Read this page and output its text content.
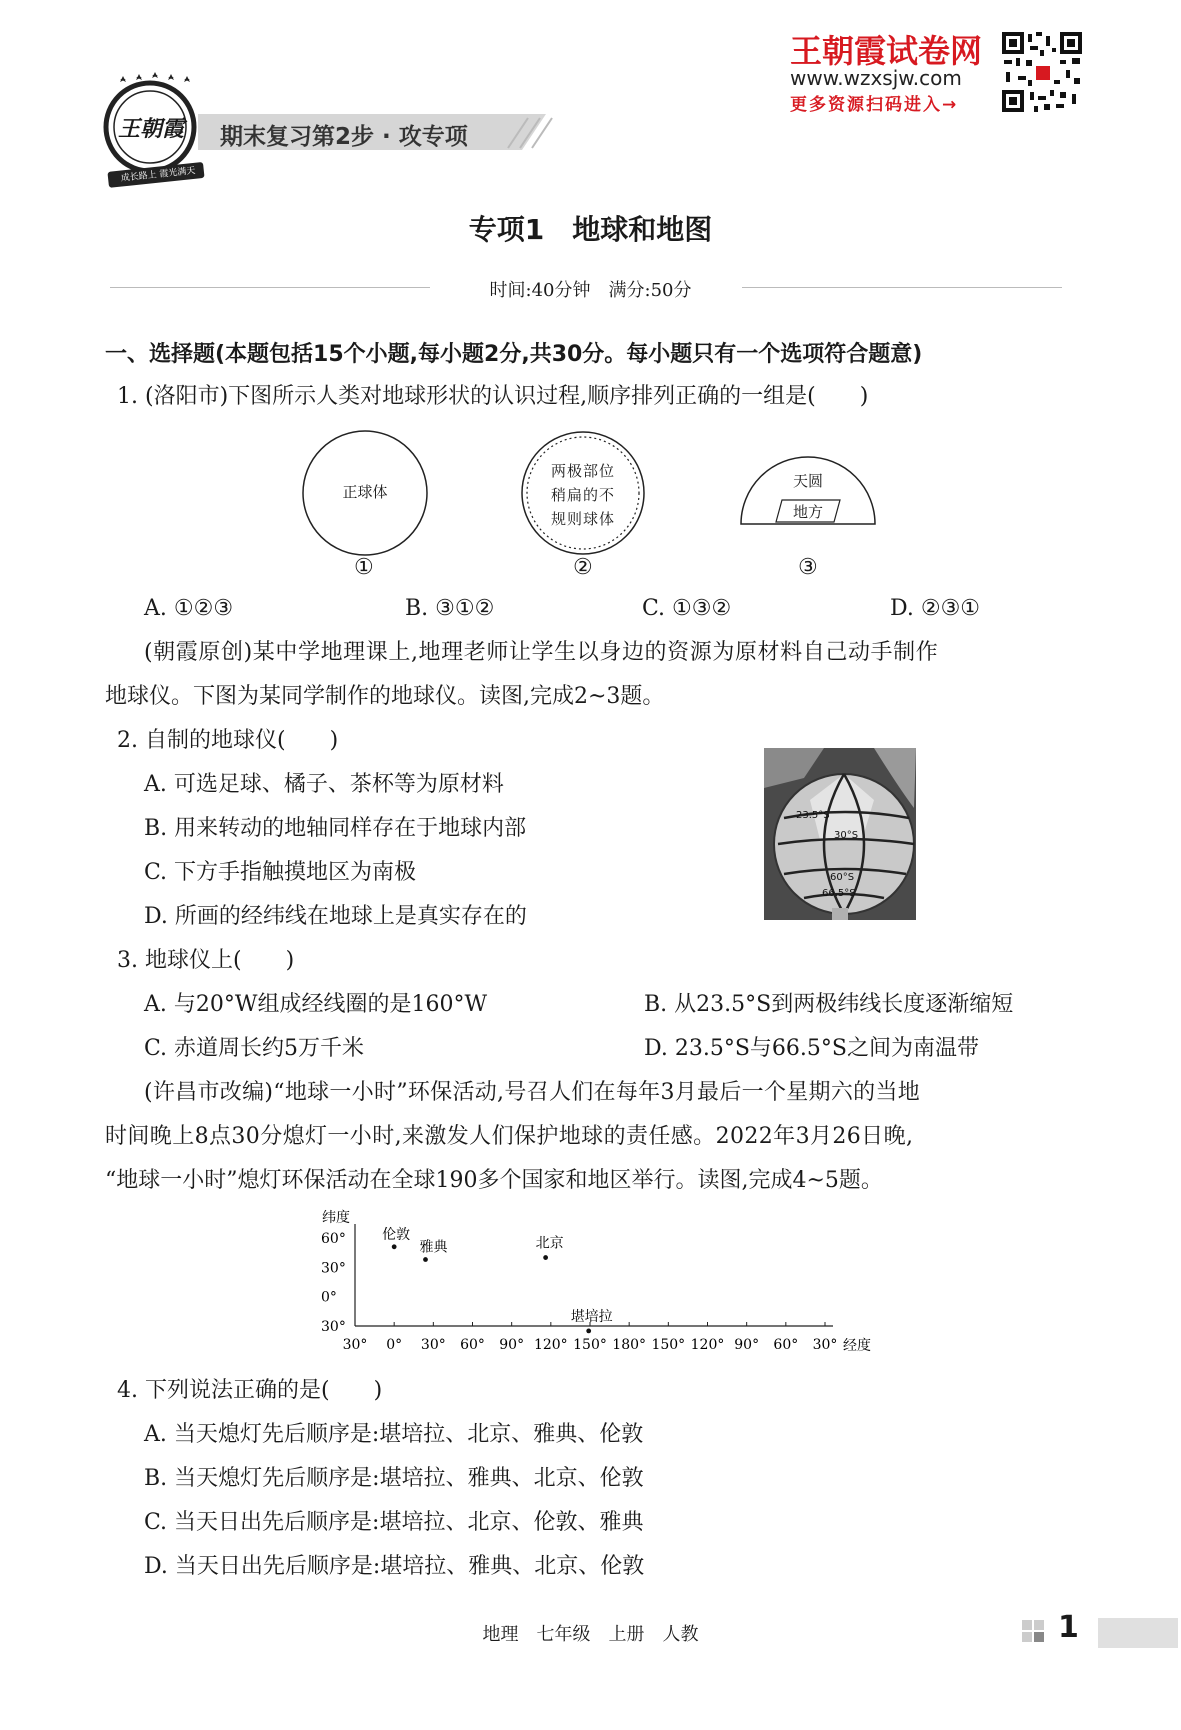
王朝霞
成长路上 霞光满天
期末复习第2步 · 攻专项
王朝霞试卷网
www.wzxsjw.com
更多资源扫码进入→
专项1　地球和地图
时间:40分钟　满分:50分
一、选择题(本题包括15个小题,每小题2分,共30分。每小题只有一个选项符合题意)
1. (洛阳市)下图所示人类对地球形状的认识过程,顺序排列正确的一组是(　　)
正球体
两极部位
稍扁的不
规则球体
天圆
地方
①	②	③
A. ①②③	B. ③①②	C. ①③②	D. ②③①
(朝霞原创)某中学地理课上,地理老师让学生以身边的资源为原材料自己动手制作
地球仪。下图为某同学制作的地球仪。读图,完成2~3题。
2. 自制的地球仪(　　)
A. 可选足球、橘子、茶杯等为原材料
B. 用来转动的地轴同样存在于地球内部
C. 下方手指触摸地区为南极
D. 所画的经纬线在地球上是真实存在的
23.5°S
30°S
60°S
66.5°S
3. 地球仪上(　　)
A. 与20°W组成经线圈的是160°W	B. 从23.5°S到两极纬线长度逐渐缩短
C. 赤道周长约5万千米	D. 23.5°S与66.5°S之间为南温带
(许昌市改编)“地球一小时”环保活动,号召人们在每年3月最后一个星期六的当地
时间晚上8点30分熄灯一小时,来激发人们保护地球的责任感。2022年3月26日晚,
“地球一小时”熄灯环保活动在全球190多个国家和地区举行。读图,完成4~5题。
纬度
经度
60°
30°
0°
30°
30° 0° 30° 60° 90° 120° 150° 180° 150° 120° 90° 60° 30°
伦敦
雅典	北京
堪培拉
4. 下列说法正确的是(　　)
A. 当天熄灯先后顺序是:堪培拉、北京、雅典、伦敦
B. 当天熄灯先后顺序是:堪培拉、雅典、北京、伦敦
C. 当天日出先后顺序是:堪培拉、北京、伦敦、雅典
D. 当天日出先后顺序是:堪培拉、雅典、北京、伦敦
地理　七年级　上册　人教	1
